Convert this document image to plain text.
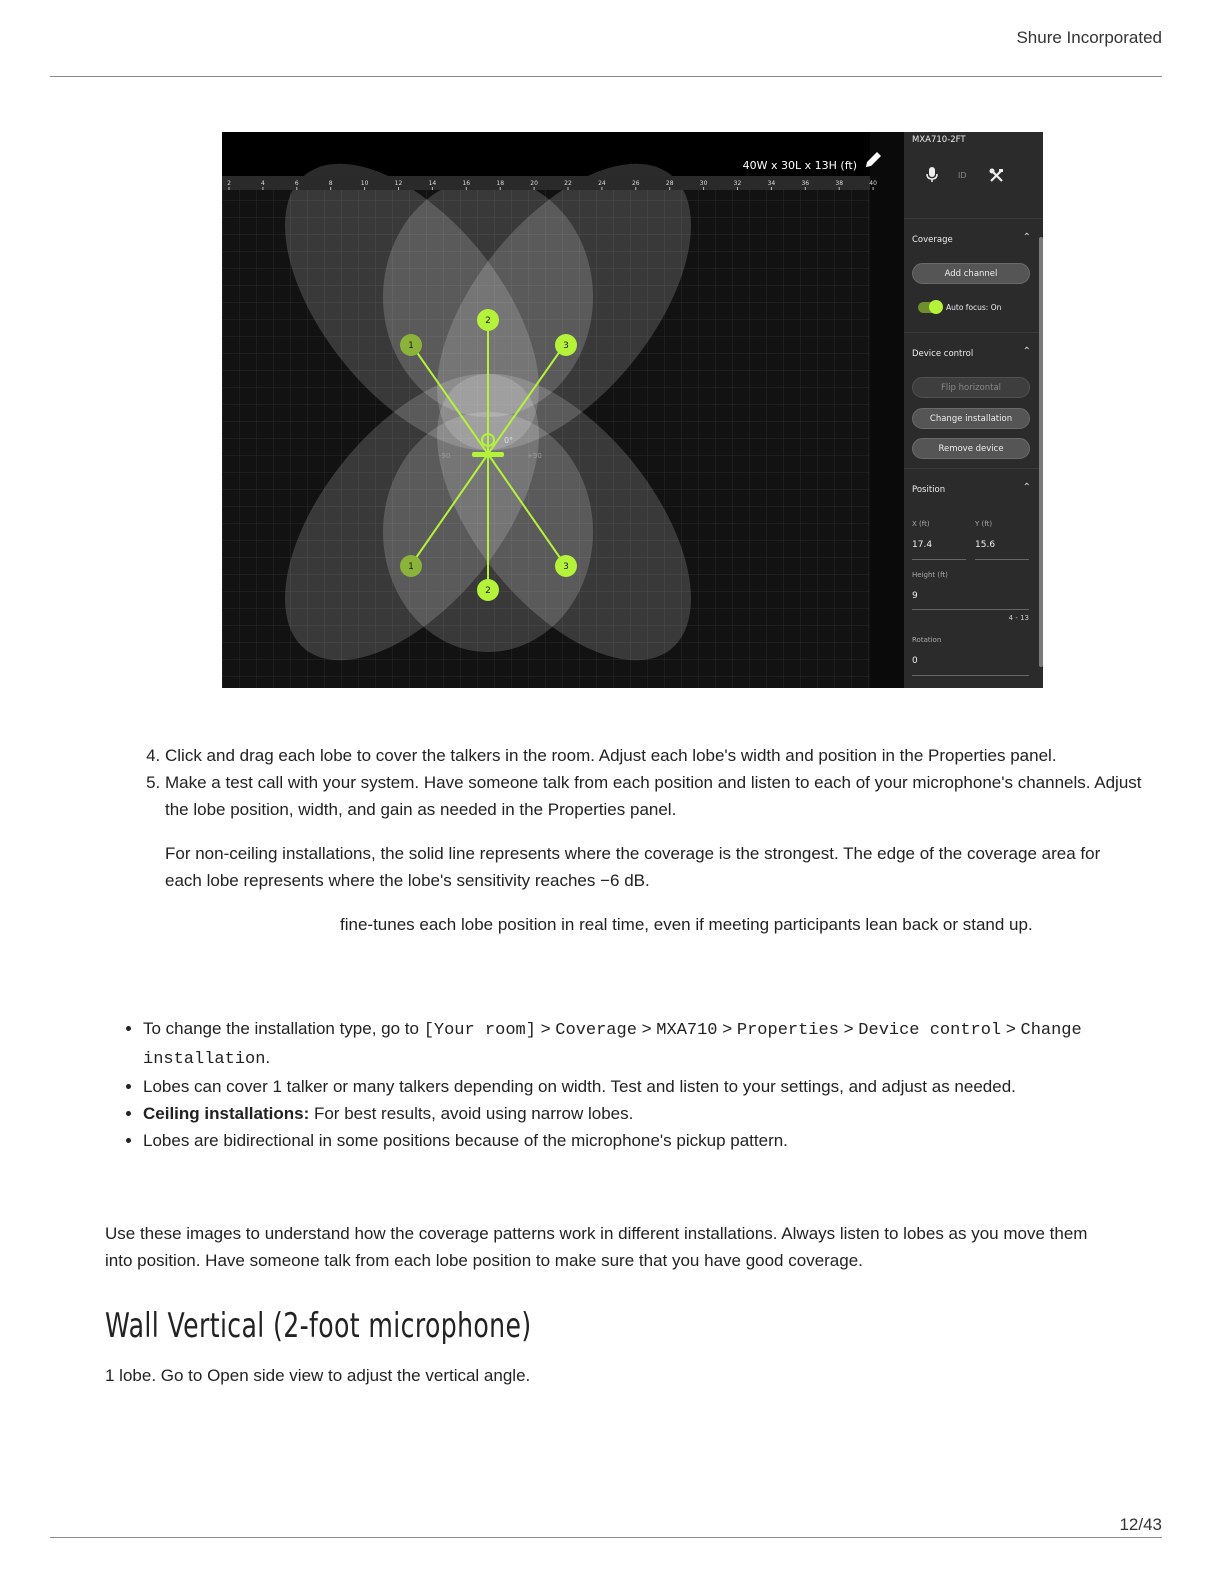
Shure Incorporated
0°
-90	+90
1
2
3
1
2
3
2	4	6	8	10	12	14	16	18	20	22	24	26	28	30	32	34	36	38	40
40W x 30L x 13H (ft)
MXA710-2FT
ID
Coverage	⌃
Add channel
Auto focus: On
Device control	⌃
Flip horizontal
Change installation
Remove device
Position	⌃
X (ft)
17.4
Y (ft)
15.6
Height (ft)
9
4 - 13
Rotation
0
4. Click and drag each lobe to cover the talkers in the room. Adjust each lobe's width and position in the Properties panel.
5. Make a test call with your system. Have someone talk from each position and listen to each of your microphone's channels. Adjust the lobe position, width, and gain as needed in the Properties panel.
For non-ceiling installations, the solid line represents where the coverage is the strongest. The edge of the coverage area for each lobe represents where the lobe's sensitivity reaches −6 dB.
fine-tunes each lobe position in real time, even if meeting participants lean back or stand up.
• To change the installation type, go to [Your room] > Coverage > MXA710 > Properties > Device control > Change installation.
• Lobes can cover 1 talker or many talkers depending on width. Test and listen to your settings, and adjust as needed.
• Ceiling installations: For best results, avoid using narrow lobes.
• Lobes are bidirectional in some positions because of the microphone's pickup pattern.
Use these images to understand how the coverage patterns work in different installations. Always listen to lobes as you move them into position. Have someone talk from each lobe position to make sure that you have good coverage.
Wall Vertical (2-foot microphone)
1 lobe. Go to Open side view to adjust the vertical angle.
12/43
